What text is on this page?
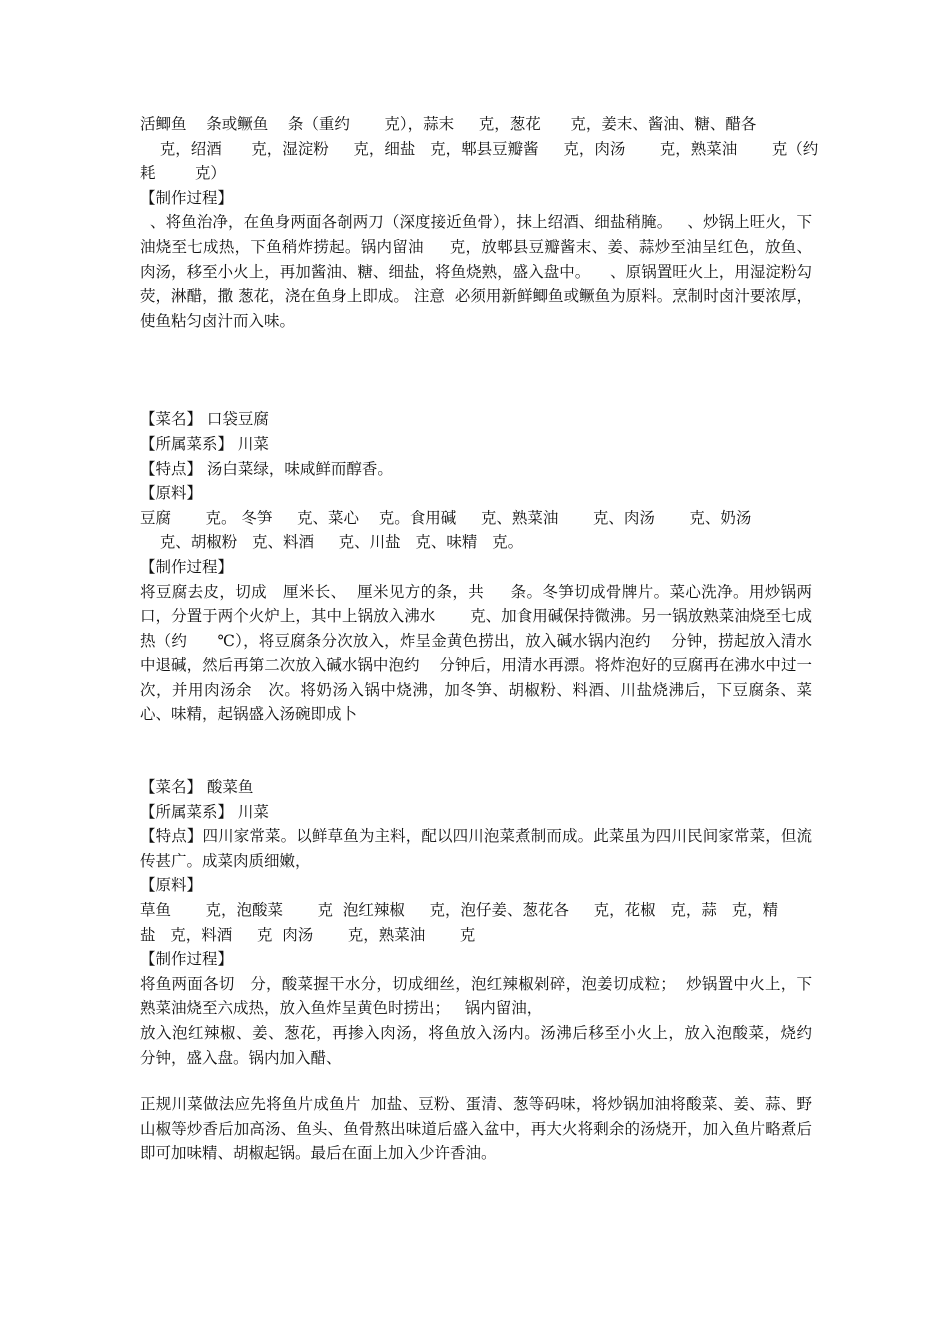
活鲫鱼    条或鳜鱼    条（重约       克），蒜末     克，葱花      克，姜末、酱油、糖、醋各

克，绍酒      克，湿淀粉     克，细盐   克，郫县豆瓣酱     克，肉汤       克，熟菜油       克（约

耗        克）

【制作过程】

、将鱼治净，在鱼身两面各剞两刀（深度接近鱼骨），抹上绍酒、细盐稍腌。   、炒锅上旺火，下油烧至七成热，下鱼稍炸捞起。锅内留油     克，放郫县豆瓣酱末、姜、蒜炒至油呈红色，放鱼、肉汤，移至小火上，再加酱油、糖、细盐，将鱼烧熟，盛入盘中。    、原锅置旺火上，用湿淀粉勾荧，淋醋，撒 葱花，浇在鱼身上即成。 注意  必须用新鲜鲫鱼或鳜鱼为原料。烹制时卤汁要浓厚，使鱼粘匀卤汁而入味。

【菜名】 口袋豆腐

【所属菜系】 川菜

【特点】 汤白菜绿，味咸鲜而醇香。

【原料】

豆腐       克。 冬笋     克、菜心    克。食用碱     克、熟菜油       克、肉汤       克、奶汤

克、胡椒粉   克、料酒     克、川盐   克、味精   克。

【制作过程】

将豆腐去皮，切成   厘米长、  厘米见方的条，共     条。冬笋切成骨牌片。菜心洗净。用炒锅两口，分置于两个火炉上，其中上锅放入沸水       克、加食用碱保持微沸。另一锅放熟菜油烧至七成热（约      ℃），将豆腐条分次放入，炸呈金黄色捞出，放入碱水锅内泡约    分钟，捞起放入清水中退碱，然后再第二次放入碱水锅中泡约    分钟后，用清水再漂。将炸泡好的豆腐再在沸水中过一次，并用肉汤余   次。将奶汤入锅中烧沸，加冬笋、胡椒粉、料酒、川盐烧沸后，下豆腐条、菜心、味精，起锅盛入汤碗即成卜

【菜名】 酸菜鱼

【所属菜系】 川菜

【特点】四川家常菜。以鲜草鱼为主料，配以四川泡菜煮制而成。此菜虽为四川民间家常菜，但流传甚广。成菜肉质细嫩，

【原料】

草鱼       克，泡酸菜       克  泡红辣椒     克，泡仔姜、葱花各     克，花椒   克，蒜   克，精

盐   克，料酒     克  肉汤       克，熟菜油       克

【制作过程】

将鱼两面各切   分，酸菜握干水分，切成细丝，泡红辣椒剁碎，泡姜切成粒；  炒锅置中火上，下熟菜油烧至六成热，放入鱼炸呈黄色时捞出；   锅内留油，

放入泡红辣椒、姜、葱花，再掺入肉汤，将鱼放入汤内。汤沸后移至小火上，放入泡酸菜，烧约     分钟，盛入盘。锅内加入醋、

正规川菜做法应先将鱼片成鱼片  加盐、豆粉、蛋清、葱等码味，将炒锅加油将酸菜、姜、蒜、野山椒等炒香后加高汤、鱼头、鱼骨熬出味道后盛入盆中，再大火将剩余的汤烧开，加入鱼片略煮后即可加味精、胡椒起锅。最后在面上加入少许香油。
